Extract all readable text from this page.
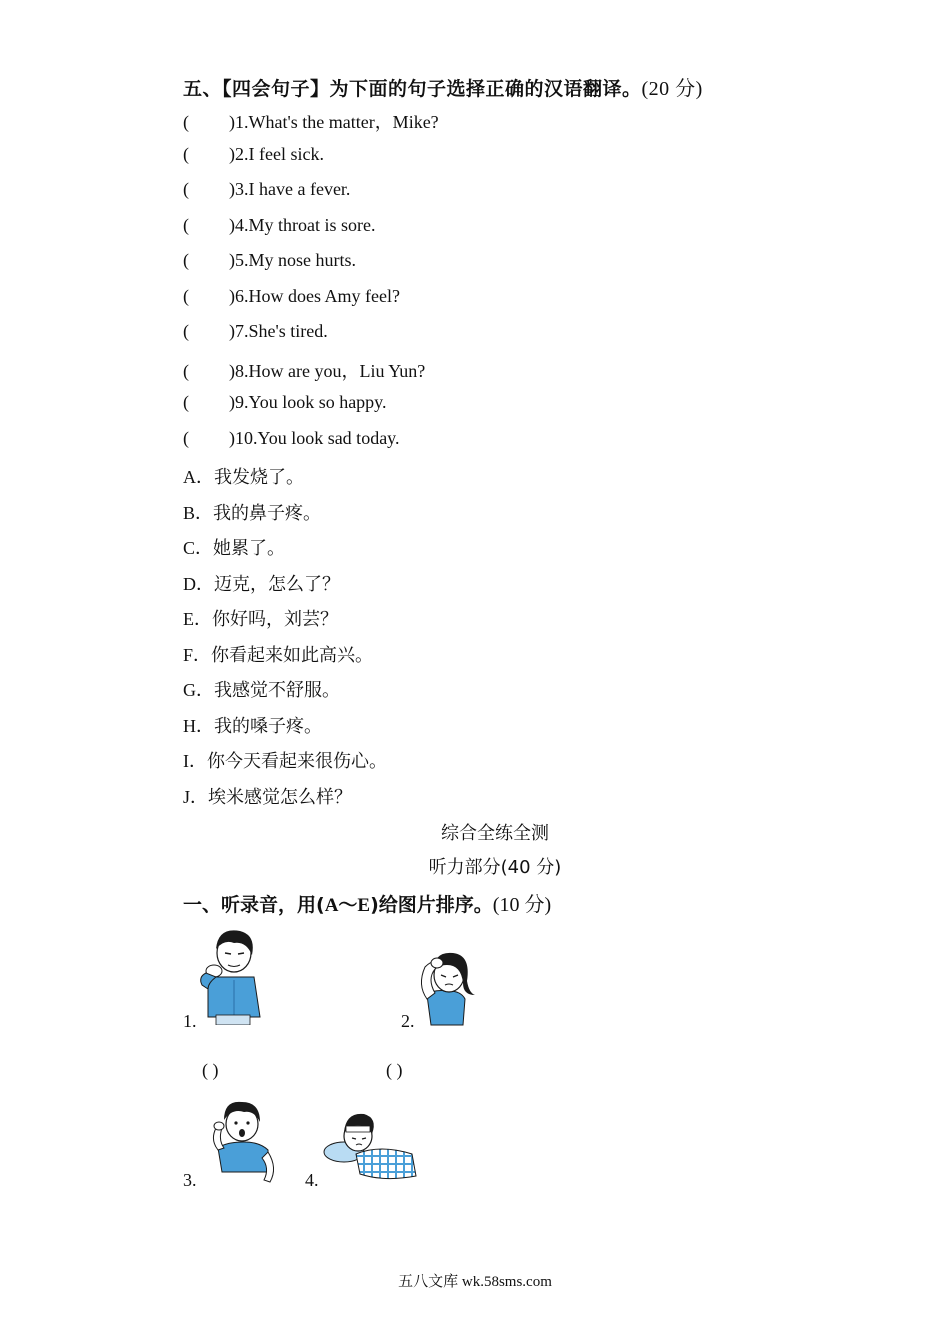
五、【四会句子】为下面的句子选择正确的汉语翻译。(20 分)
( )1.What's the matter，Mike?
( )2.I feel sick.
( )3.I have a fever.
( )4.My throat is sore.
( )5.My nose hurts.
( )6.How does Amy feel?
( )7.She's tired.
( )8.How are you，Liu Yun?
( )9.You look so happy.
( )10.You look sad today.
A．我发烧了。
B．我的鼻子疼。
C．她累了。
D．迈克，怎么了？
E．你好吗，刘芸？
F．你看起来如此高兴。
G．我感觉不舒服。
H．我的嗓子疼。
I．你今天看起来很伤心。
J．埃米感觉怎么样？
综合全练全测
听力部分(40 分)
一、听录音，用(A～E)给图片排序。(10 分)
1.	2.
( )	( )
3.	4.
五八文库 wk.58sms.com
